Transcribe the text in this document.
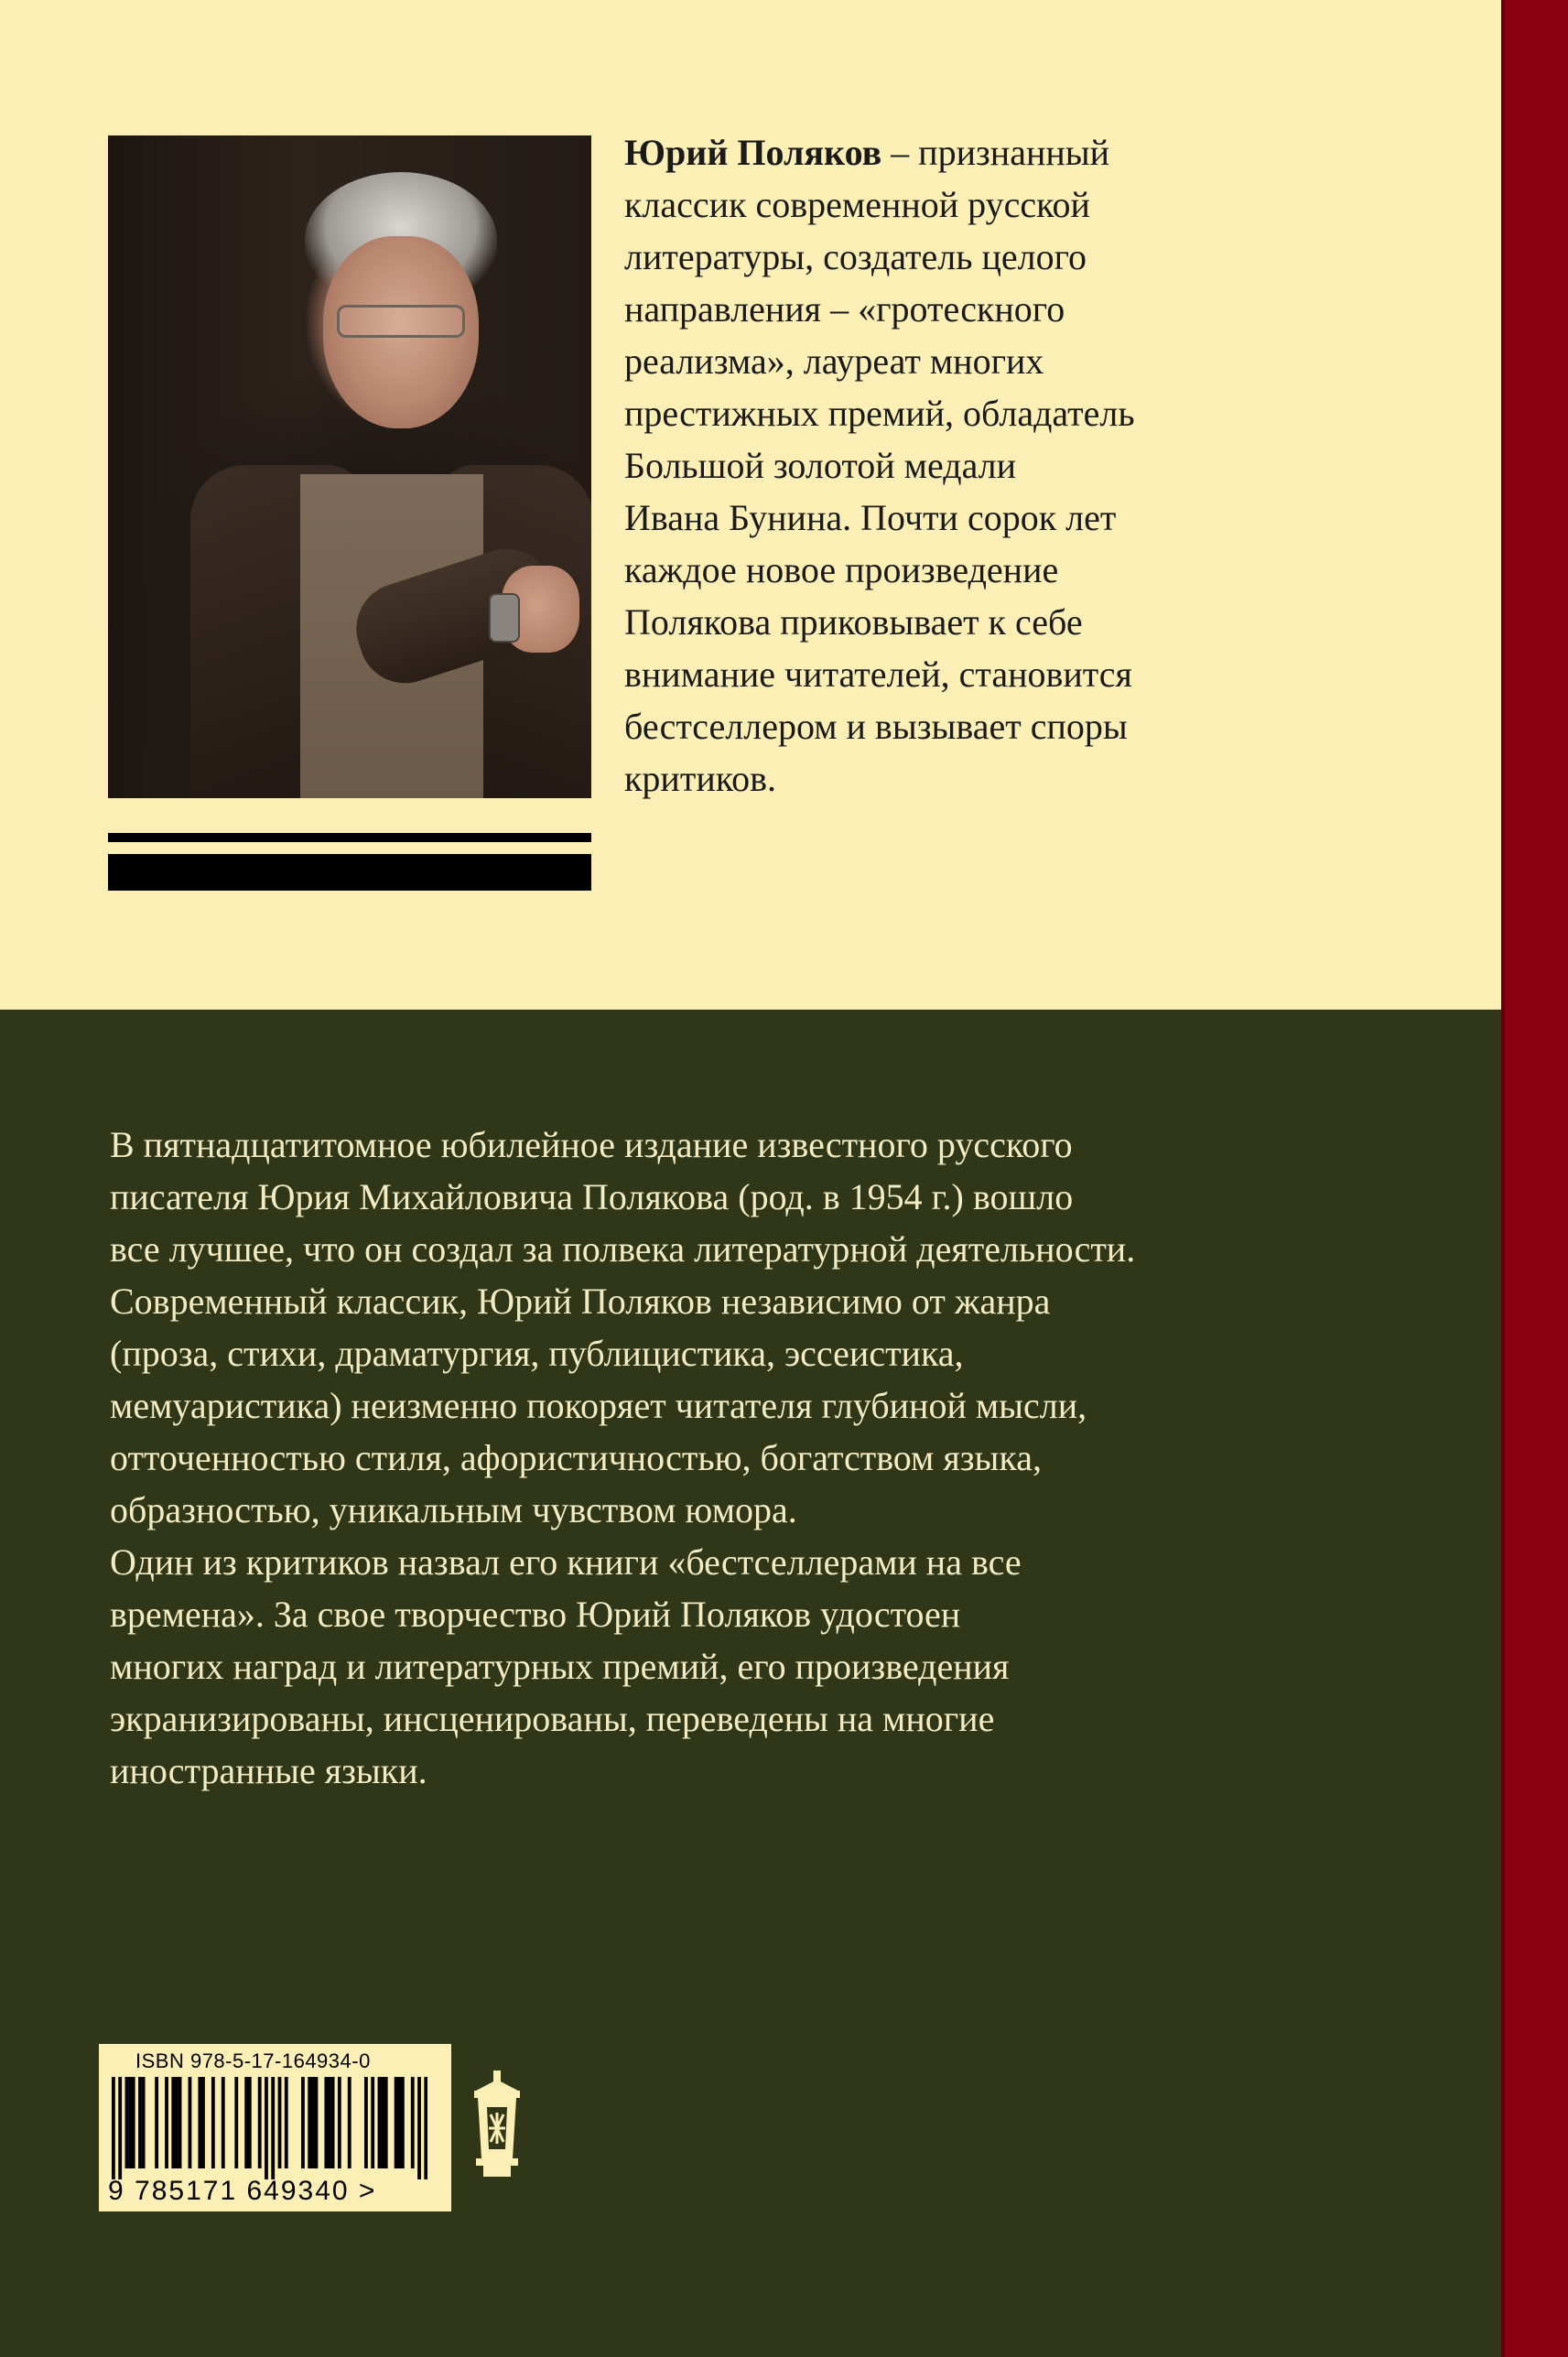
Юрий Поляков – признанный
классик современной русской
литературы, создатель целого
направления – «гротескного
реализма», лауреат многих
престижных премий, обладатель
Большой золотой медали
Ивана Бунина. Почти сорок лет
каждое новое произведение
Полякова приковывает к себе
внимание читателей, становится
бестселлером и вызывает споры
критиков.
В пятнадцатитомное юбилейное издание известного русского
писателя Юрия Михайловича Полякова (род. в 1954 г.) вошло
все лучшее, что он создал за полвека литературной деятельности.
Современный классик, Юрий Поляков независимо от жанра
(проза, стихи, драматургия, публицистика, эссеистика,
мемуаристика) неизменно покоряет читателя глубиной мысли,
отточенностью стиля, афористичностью, богатством языка,
образностью, уникальным чувством юмора.
Один из критиков назвал его книги «бестселлерами на все
времена». За свое творчество Юрий Поляков удостоен
многих наград и литературных премий, его произведения
экранизированы, инсценированы, переведены на многие
иностранные языки.
ISBN 978-5-17-164934-0
9 785171 649340 >
